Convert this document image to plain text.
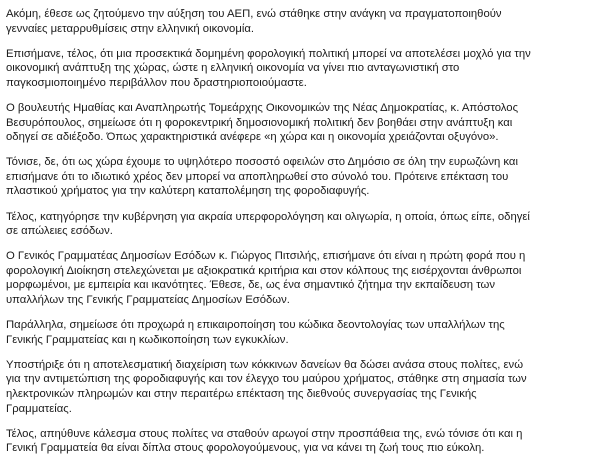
Ακόμη, έθεσε ως ζητούμενο την αύξηση του ΑΕΠ, ενώ στάθηκε στην ανάγκη να πραγματοποιηθούν
γενναίες μεταρρυθμίσεις στην ελληνική οικονομία.

Επισήμανε, τέλος, ότι μια προσεκτικά δομημένη φορολογική πολιτική μπορεί να αποτελέσει μοχλό για την
οικονομική ανάπτυξη της χώρας, ώστε η ελληνική οικονομία να γίνει πιο ανταγωνιστική στο
παγκοσμιοποιημένο περιβάλλον που δραστηριοποιούμαστε.

Ο βουλευτής Ημαθίας και Αναπληρωτής Τομεάρχης Οικονομικών της Νέας Δημοκρατίας, κ. Απόστολος
Βεσυρόπουλος, σημείωσε ότι η φοροκεντρική δημοσιονομική πολιτική δεν βοηθάει στην ανάπτυξη και
οδηγεί σε αδιέξοδο. Όπως χαρακτηριστικά ανέφερε «η χώρα και η οικονομία χρειάζονται οξυγόνο».

Τόνισε, δε, ότι ως χώρα έχουμε το υψηλότερο ποσοστό οφειλών στο Δημόσιο σε όλη την ευρωζώνη και
επισήμανε ότι το ιδιωτικό χρέος δεν μπορεί να αποπληρωθεί στο σύνολό του. Πρότεινε επέκταση του
πλαστικού χρήματος για την καλύτερη καταπολέμηση της φοροδιαφυγής.

Τέλος, κατηγόρησε την κυβέρνηση για ακραία υπερφορολόγηση και ολιγωρία, η οποία, όπως είπε, οδηγεί
σε απώλειες εσόδων.

Ο Γενικός Γραμματέας Δημοσίων Εσόδων κ. Γιώργος Πιτσιλής, επισήμανε ότι είναι η πρώτη φορά που η
φορολογική Διοίκηση στελεχώνεται με αξιοκρατικά κριτήρια και στον κόλπους της εισέρχονται άνθρωποι
μορφωμένοι, με εμπειρία και ικανότητες. Έθεσε, δε, ως ένα σημαντικό ζήτημα την εκπαίδευση των
υπαλλήλων της Γενικής Γραμματείας Δημοσίων Εσόδων.

Παράλληλα, σημείωσε ότι προχωρά η επικαιροποίηση του κώδικα δεοντολογίας των υπαλλήλων της
Γενικής Γραμματείας και η κωδικοποίηση των εγκυκλίων.

Υποστήριξε ότι η αποτελεσματική διαχείριση των κόκκινων δανείων θα δώσει ανάσα στους πολίτες, ενώ
για την αντιμετώπιση της φοροδιαφυγής και τον έλεγχο του μαύρου χρήματος, στάθηκε στη σημασία των
ηλεκτρονικών πληρωμών και στην περαιτέρω επέκταση της διεθνούς συνεργασίας της Γενικής
Γραμματείας.

Τέλος, απηύθυνε κάλεσμα στους πολίτες να σταθούν αρωγοί στην προσπάθεια της, ενώ τόνισε ότι και η
Γενική Γραμματεία θα είναι δίπλα στους φορολογούμενους, για να κάνει τη ζωή τους πιο εύκολη.
